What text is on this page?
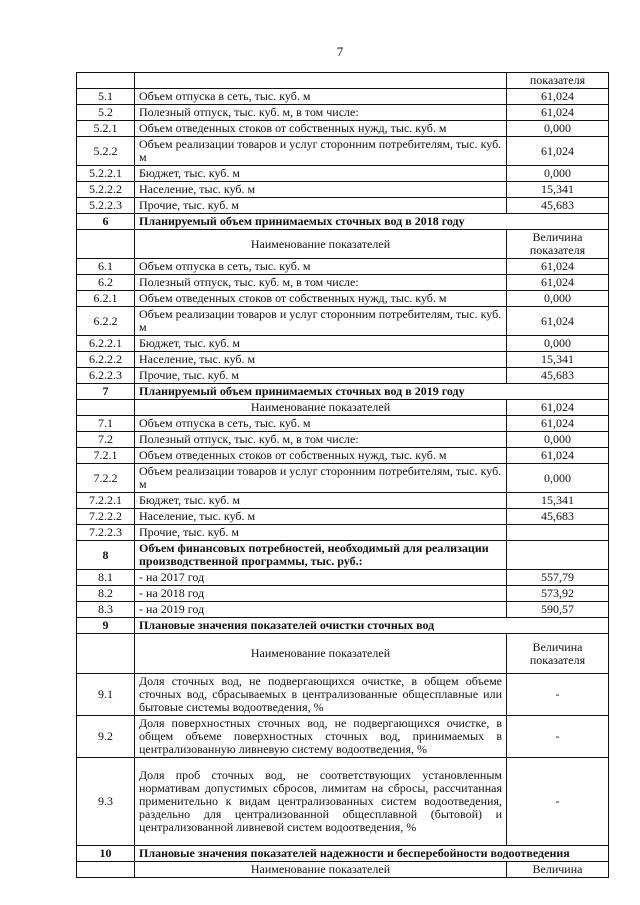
7
		показателя
5.1	Объем отпуска в сеть, тыс. куб. м	61,024
5.2	Полезный отпуск, тыс. куб. м, в том числе:	61,024
5.2.1	Объем отведенных стоков от собственных нужд, тыс. куб. м	0,000
5.2.2	Объем реализации товаров и услуг сторонним потребителям, тыс. куб. м	61,024
5.2.2.1	Бюджет, тыс. куб. м	0,000
5.2.2.2	Население, тыс. куб. м	15,341
5.2.2.3	Прочие, тыс. куб. м	45,683
6	Планируемый объем принимаемых сточных вод в 2018 году	
	Наименование показателей	Величина показателя
6.1	Объем отпуска в сеть, тыс. куб. м	61,024
6.2	Полезный отпуск, тыс. куб. м, в том числе:	61,024
6.2.1	Объем отведенных стоков от собственных нужд, тыс. куб. м	0,000
6.2.2	Объем реализации товаров и услуг сторонним потребителям, тыс. куб. м	61,024
6.2.2.1	Бюджет, тыс. куб. м	0,000
6.2.2.2	Население, тыс. куб. м	15,341
6.2.2.3	Прочие, тыс. куб. м	45,683
7	Планируемый объем принимаемых сточных вод в 2019 году	
	Наименование показателей	61,024
7.1	Объем отпуска в сеть, тыс. куб. м	61,024
7.2	Полезный отпуск, тыс. куб. м, в том числе:	0,000
7.2.1	Объем отведенных стоков от собственных нужд, тыс. куб. м	61,024
7.2.2	Объем реализации товаров и услуг сторонним потребителям, тыс. куб. м	0,000
7.2.2.1	Бюджет, тыс. куб. м	15,341
7.2.2.2	Население, тыс. куб. м	45,683
7.2.2.3	Прочие, тыс. куб. м	
8	Объем финансовых потребностей, необходимый для реализации производственной программы, тыс. руб.:	
8.1	- на 2017 год	557,79
8.2	- на 2018 год	573,92
8.3	- на 2019 год	590,57
9	Плановые значения показателей очистки сточных вод	
	Наименование показателей	Величина показателя
9.1	Доля сточных вод, не подвергающихся очистке, в общем объеме сточных вод, сбрасываемых в централизованные общесплавные или бытовые системы водоотведения, %	-
9.2	Доля поверхностных сточных вод, не подвергающихся очистке, в общем объеме поверхностных сточных вод, принимаемых в централизованную ливневую систему водоотведения, %	-
9.3	Доля проб сточных вод, не соответствующих установленным нормативам допустимых сбросов, лимитам на сбросы, рассчитанная применительно к видам централизованных систем водоотведения, раздельно для централизованной общесплавной (бытовой) и централизованной ливневой систем водоотведения, %	-
10	Плановые значения показателей надежности и бесперебойности водоотведения	
	Наименование показателей	Величина
